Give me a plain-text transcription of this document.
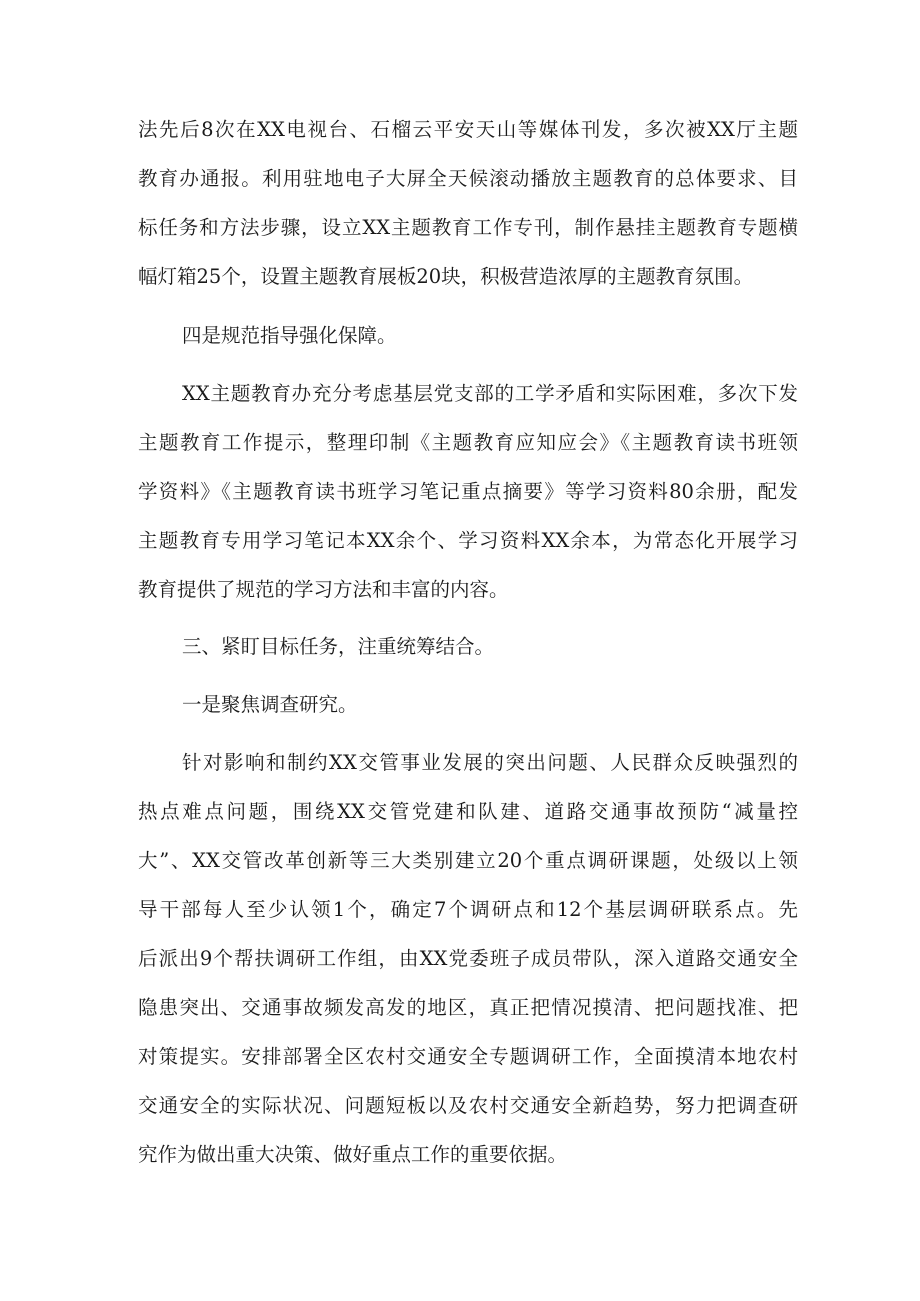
法先后8次在XX电视台、石榴云平安天山等媒体刊发，多次被XX厅主题

教育办通报。利用驻地电子大屏全天候滚动播放主题教育的总体要求、目

标任务和方法步骤，设立XX主题教育工作专刊，制作悬挂主题教育专题横

幅灯箱25个，设置主题教育展板20块，积极营造浓厚的主题教育氛围。

四是规范指导强化保障。

XX主题教育办充分考虑基层党支部的工学矛盾和实际困难，多次下发

主题教育工作提示，整理印制《主题教育应知应会》《主题教育读书班领

学资料》《主题教育读书班学习笔记重点摘要》等学习资料80余册，配发

主题教育专用学习笔记本XX余个、学习资料XX余本，为常态化开展学习

教育提供了规范的学习方法和丰富的内容。

三、紧盯目标任务，注重统筹结合。

一是聚焦调查研究。

针对影响和制约XX交管事业发展的突出问题、人民群众反映强烈的

热点难点问题，围绕XX交管党建和队建、道路交通事故预防“减量控

大”、XX交管改革创新等三大类别建立20个重点调研课题，处级以上领

导干部每人至少认领1个，确定7个调研点和12个基层调研联系点。先

后派出9个帮扶调研工作组，由XX党委班子成员带队，深入道路交通安全

隐患突出、交通事故频发高发的地区，真正把情况摸清、把问题找准、把

对策提实。安排部署全区农村交通安全专题调研工作，全面摸清本地农村

交通安全的实际状况、问题短板以及农村交通安全新趋势，努力把调查研

究作为做出重大决策、做好重点工作的重要依据。
